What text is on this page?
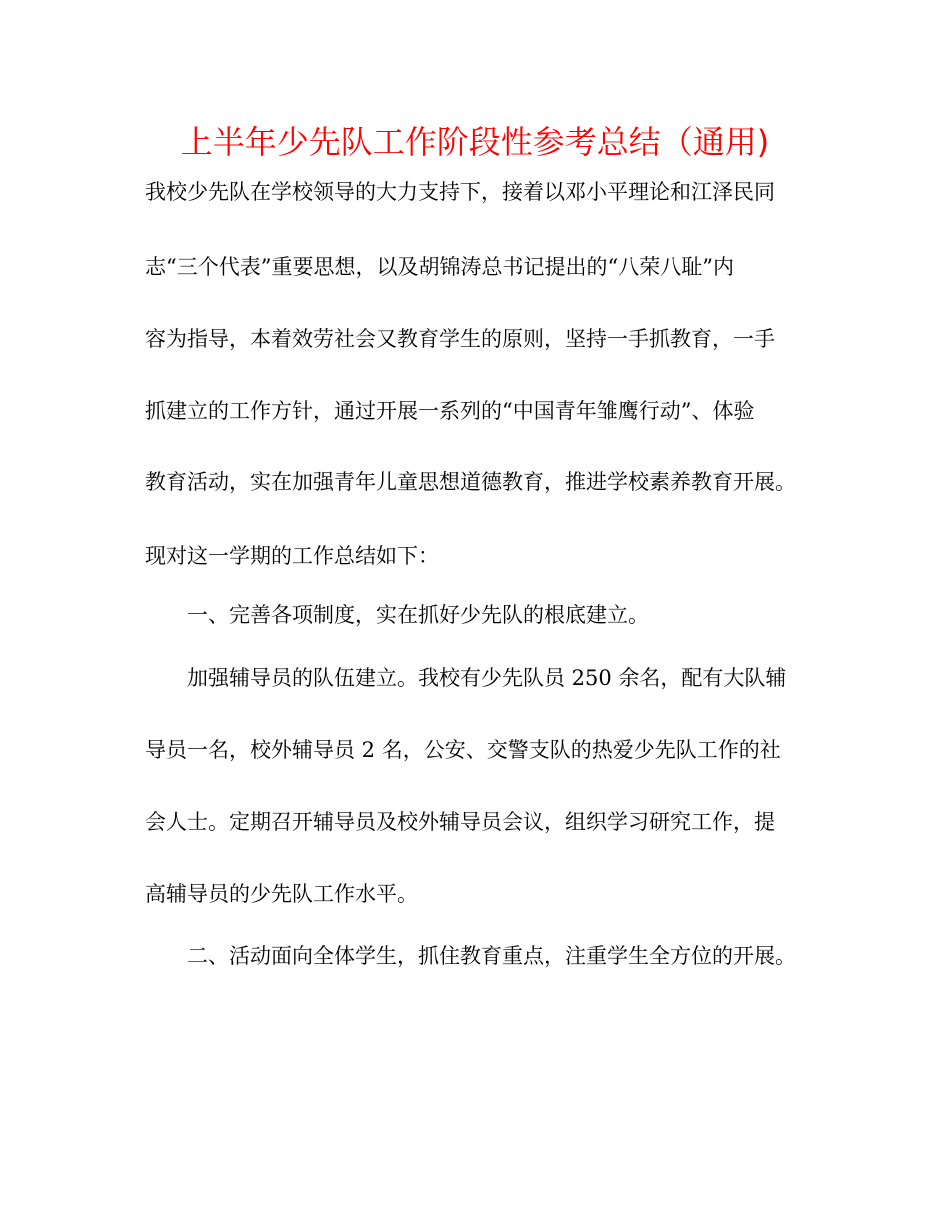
上半年少先队工作阶段性参考总结（通用)
我校少先队在学校领导的大力支持下，接着以邓小平理论和江泽民同
志“三个代表”重要思想，以及胡锦涛总书记提出的“八荣八耻”内
容为指导，本着效劳社会又教育学生的原则，坚持一手抓教育，一手
抓建立的工作方针，通过开展一系列的“中国青年雏鹰行动”、体验
教育活动，实在加强青年儿童思想道德教育，推进学校素养教育开展。
现对这一学期的工作总结如下：
一、完善各项制度，实在抓好少先队的根底建立。
加强辅导员的队伍建立。我校有少先队员 250 余名，配有大队辅
导员一名，校外辅导员 2 名，公安、交警支队的热爱少先队工作的社
会人士。定期召开辅导员及校外辅导员会议，组织学习研究工作，提
高辅导员的少先队工作水平。
二、活动面向全体学生，抓住教育重点，注重学生全方位的开展。
